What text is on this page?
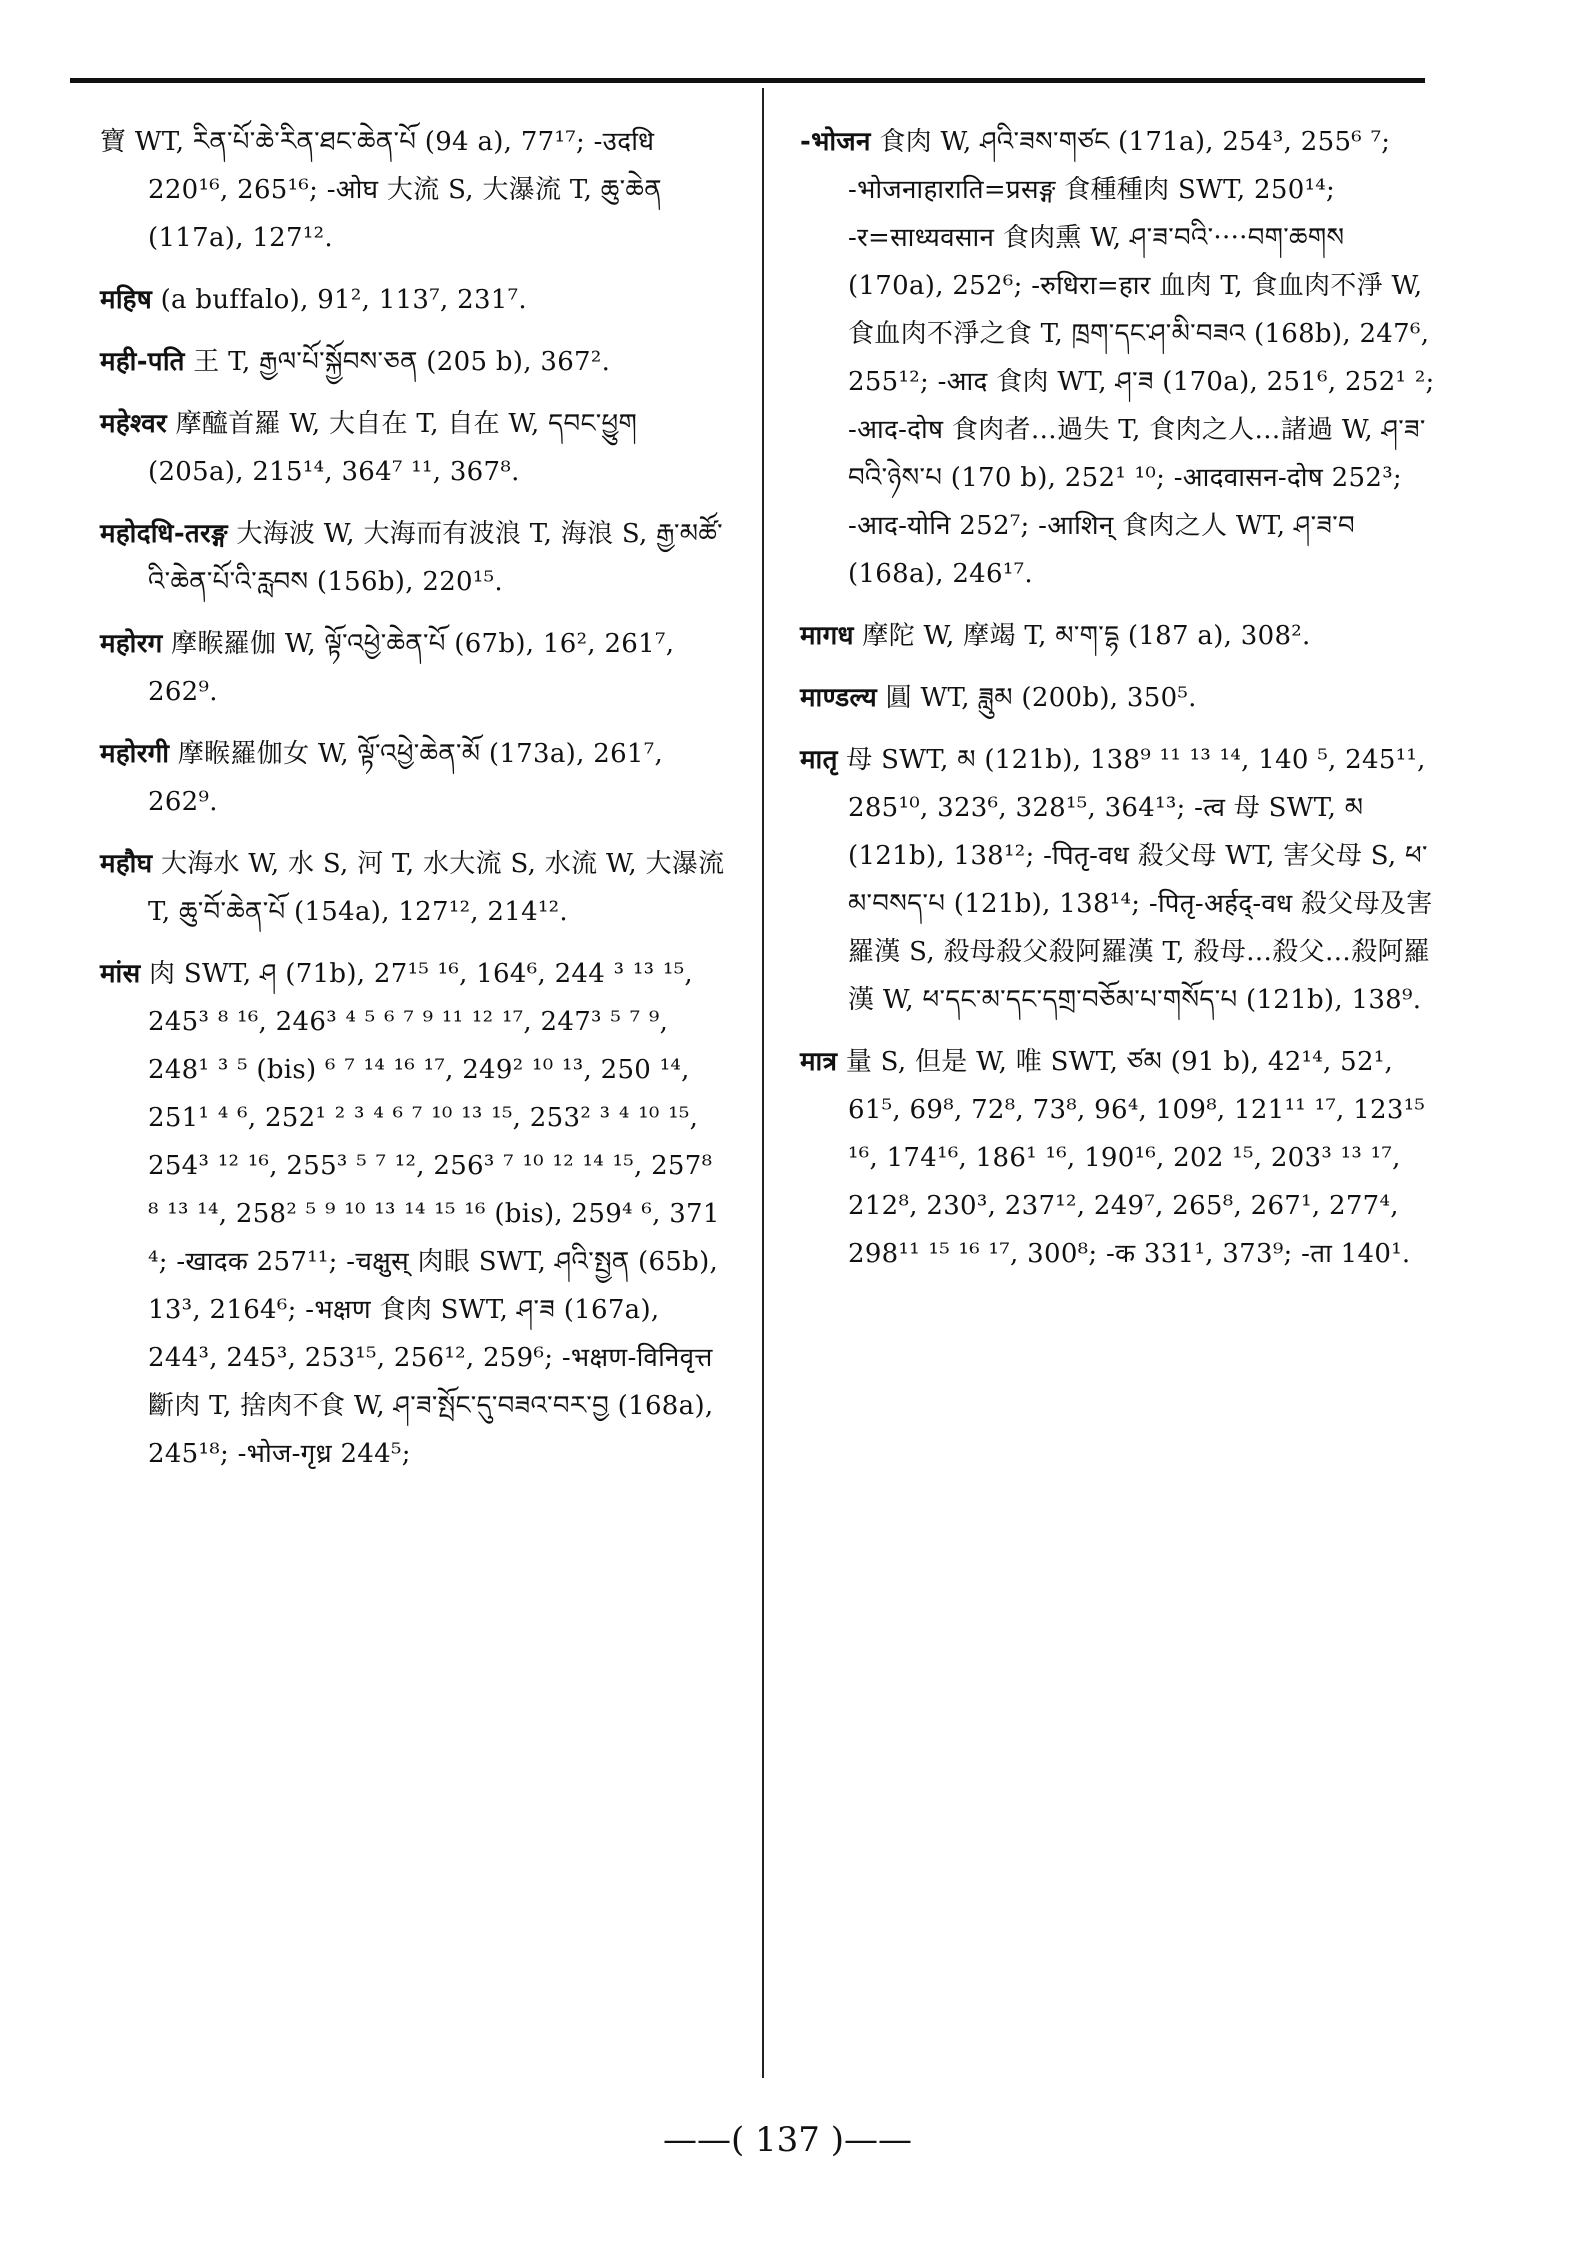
寶 WT, རིན་པོ་ཆེ་རིན་ཐང་ཆེན་པོ (94 a), 77¹⁷; -उदधि 220¹⁶, 265¹⁶; -ओघ 大流 S, 大瀑流 T, ཆུ་ཆེན (117a), 127¹².

महिष (a buffalo), 91², 113⁷, 231⁷.

मही-पति 王 T, རྒྱལ་པོ་སྐྱོབས་ཅན (205 b), 367².

महेश्वर 摩醯首羅 W, 大自在 T, 自在 W, དབང་ཕྱུག (205a), 215¹⁴, 364⁷ ¹¹, 367⁸.

महोदधि-तरङ्ग 大海波 W, 大海而有波浪 T, 海浪 S, རྒྱ་མཚོ་འི་ཆེན་པོ་འི་རླབས (156b), 220¹⁵.

महोरग 摩睺羅伽 W, ལྟོ་འཕྱེ་ཆེན་པོ (67b), 16², 261⁷, 262⁹.

महोरगी 摩睺羅伽女 W, ལྟོ་འཕྱེ་ཆེན་མོ (173a), 261⁷, 262⁹.

महौघ 大海水 W, 水 S, 河 T, 水大流 S, 水流 W, 大瀑流 T, ཆུ་བོ་ཆེན་པོ (154a), 127¹², 214¹².

मांस 肉 SWT, ཤ (71b), 27¹⁵ ¹⁶, 164⁶, 244 ³ ¹³ ¹⁵, 245³ ⁸ ¹⁶, 246³ ⁴ ⁵ ⁶ ⁷ ⁹ ¹¹ ¹² ¹⁷, 247³ ⁵ ⁷ ⁹, 248¹ ³ ⁵ (bis) ⁶ ⁷ ¹⁴ ¹⁶ ¹⁷, 249² ¹⁰ ¹³, 250 ¹⁴, 251¹ ⁴ ⁶, 252¹ ² ³ ⁴ ⁶ ⁷ ¹⁰ ¹³ ¹⁵, 253² ³ ⁴ ¹⁰ ¹⁵, 254³ ¹² ¹⁶, 255³ ⁵ ⁷ ¹², 256³ ⁷ ¹⁰ ¹² ¹⁴ ¹⁵, 257⁸ ⁸ ¹³ ¹⁴, 258² ⁵ ⁹ ¹⁰ ¹³ ¹⁴ ¹⁵ ¹⁶ (bis), 259⁴ ⁶, 371 ⁴; -खादक 257¹¹; -चक्षुस् 肉眼 SWT, ཤའི་སྤྱན (65b), 13³, 2164⁶; -भक्षण 食肉 SWT, ཤ་ཟ (167a), 244³, 245³, 253¹⁵, 256¹², 259⁶; -भक्षण-विनिवृत्त 斷肉 T, 捨肉不食 W, ཤ་ཟ་སྤོང་དུ་བཟའ་བར་བྱ (168a), 245¹⁸; -भोज-गृध्र 244⁵;

-भोजन 食肉 W, ཤའི་ཟས་གཙང (171a), 254³, 255⁶ ⁷; -भोजनाहाराति=प्रसङ्ग 食種種肉 SWT, 250¹⁴; -र=साध्यवसान 食肉熏 W, ཤ་ཟ་བའི་····བག་ཆགས (170a), 252⁶; -रुधिरा=हार 血肉 T, 食血肉不淨 W, 食血肉不淨之食 T, ཁྲག་དང་ཤ་མི་བཟའ (168b), 247⁶, 255¹²; -आद 食肉 WT, ཤ་ཟ (170a), 251⁶, 252¹ ²; -आद-दोष 食肉者…過失 T, 食肉之人…諸過 W, ཤ་ཟ་བའི་ཉེས་པ (170 b), 252¹ ¹⁰; -आदवासन-दोष 252³; -आद-योनि 252⁷; -आशिन् 食肉之人 WT, ཤ་ཟ་བ (168a), 246¹⁷.

मागध 摩陀 W, 摩竭 T, མ་ག་དྷ (187 a), 308².

माण्डल्य 圓 WT, ཟླུམ (200b), 350⁵.

मातृ 母 SWT, མ (121b), 138⁹ ¹¹ ¹³ ¹⁴, 140 ⁵, 245¹¹, 285¹⁰, 323⁶, 328¹⁵, 364¹³; -त्व 母 SWT, མ (121b), 138¹²; -पितृ-वध 殺父母 WT, 害父母 S, ཕ་མ་བསད་པ (121b), 138¹⁴; -पितृ-अर्हद्-वध 殺父母及害羅漢 S, 殺母殺父殺阿羅漢 T, 殺母…殺父…殺阿羅漢 W, ཕ་དང་མ་དང་དགྲ་བཅོམ་པ་གསོད་པ (121b), 138⁹.

मात्र 量 S, 但是 W, 唯 SWT, ཙམ (91 b), 42¹⁴, 52¹, 61⁵, 69⁸, 72⁸, 73⁸, 96⁴, 109⁸, 121¹¹ ¹⁷, 123¹⁵ ¹⁶, 174¹⁶, 186¹ ¹⁶, 190¹⁶, 202 ¹⁵, 203³ ¹³ ¹⁷, 212⁸, 230³, 237¹², 249⁷, 265⁸, 267¹, 277⁴, 298¹¹ ¹⁵ ¹⁶ ¹⁷, 300⁸; -क 331¹, 373⁹; -ता 140¹.

——( 137 )——
